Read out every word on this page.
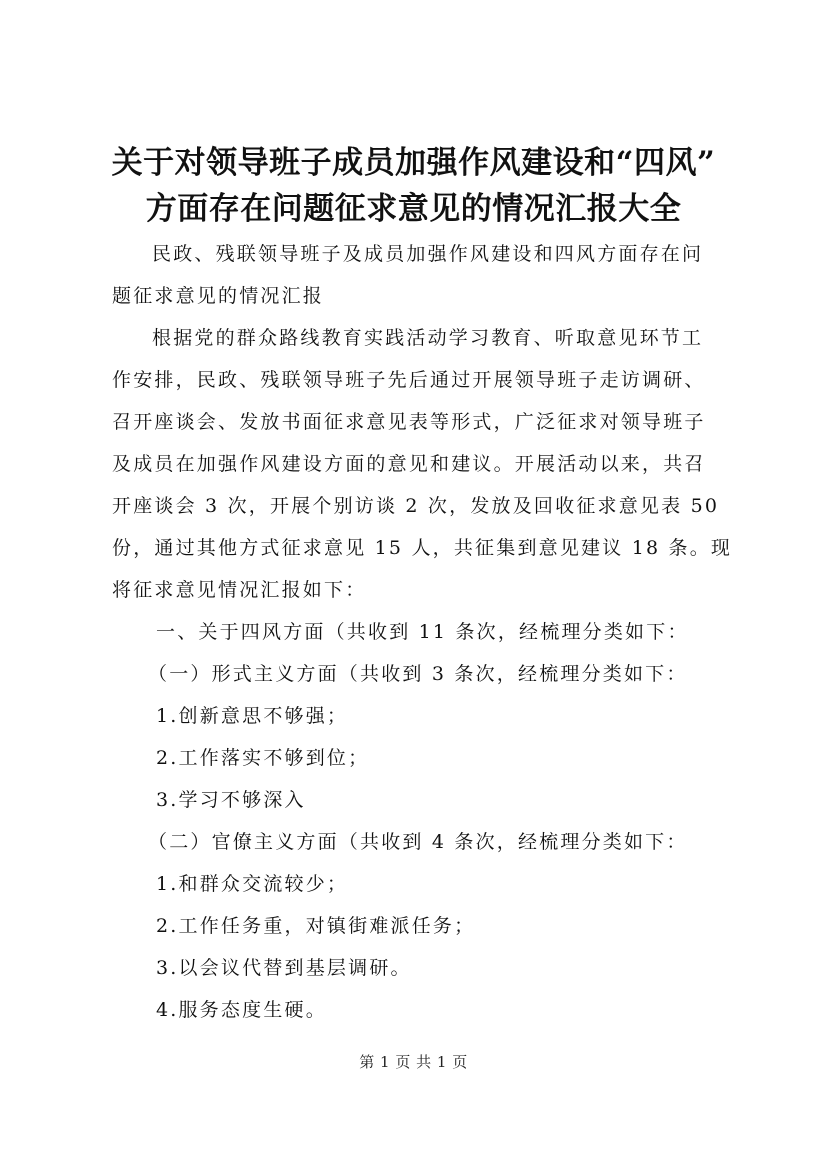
关于对领导班子成员加强作风建设和“四风”
方面存在问题征求意见的情况汇报大全
民政、残联领导班子及成员加强作风建设和四风方面存在问
题征求意见的情况汇报
根据党的群众路线教育实践活动学习教育、听取意见环节工
作安排，民政、残联领导班子先后通过开展领导班子走访调研、
召开座谈会、发放书面征求意见表等形式，广泛征求对领导班子
及成员在加强作风建设方面的意见和建议。开展活动以来，共召
开座谈会 3 次，开展个别访谈 2 次，发放及回收征求意见表 50
份，通过其他方式征求意见 15 人，共征集到意见建议 18 条。现
将征求意见情况汇报如下：
一、关于四风方面（共收到 11 条次，经梳理分类如下：
（一）形式主义方面（共收到 3 条次，经梳理分类如下：
1.创新意思不够强；
2.工作落实不够到位；
3.学习不够深入
（二）官僚主义方面（共收到 4 条次，经梳理分类如下：
1.和群众交流较少；
2.工作任务重，对镇街难派任务；
3.以会议代替到基层调研。
4.服务态度生硬。
第 1 页 共 1 页
